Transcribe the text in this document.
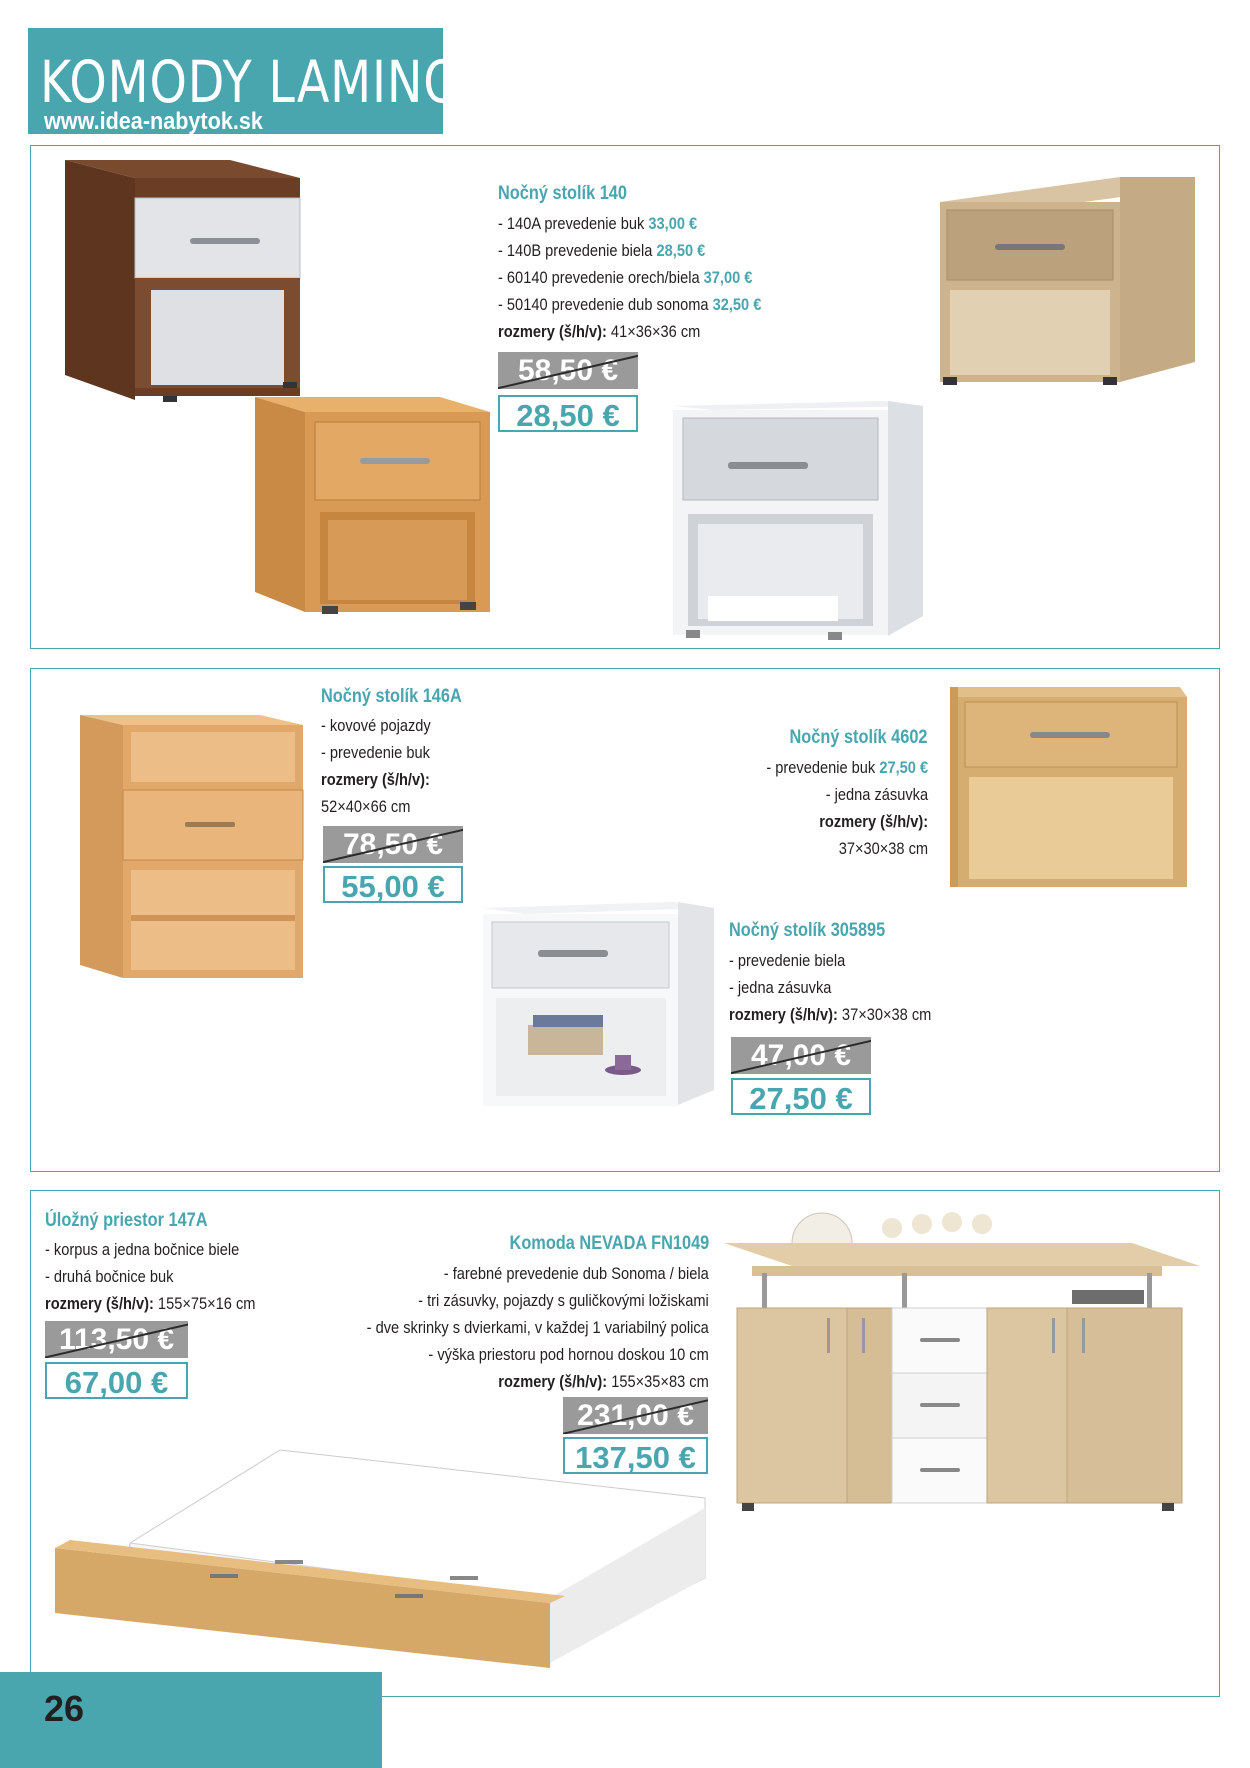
KOMODY LAMINO
www.idea-nabytok.sk
Nočný stolík 140
- 140A prevedenie buk 33,00 €
- 140B prevedenie biela 28,50 €
- 60140 prevedenie orech/biela 37,00 €
- 50140 prevedenie dub sonoma 32,50 €
rozmery (š/h/v): 41×36×36 cm
58,50 €
28,50 €
Nočný stolík 146A
- kovové pojazdy
- prevedenie buk
rozmery (š/h/v):
52×40×66 cm
78,50 €
55,00 €
Nočný stolík 4602
- prevedenie buk 27,50 €
- jedna zásuvka
rozmery (š/h/v):
37×30×38 cm
Nočný stolík 305895
- prevedenie biela
- jedna zásuvka
rozmery (š/h/v): 37×30×38 cm
47,00 €
27,50 €
Úložný priestor 147A
- korpus a jedna bočnice biele
- druhá bočnice buk
rozmery (š/h/v): 155×75×16 cm
113,50 €
67,00 €
Komoda NEVADA FN1049
- farebné prevedenie dub Sonoma / biela
- tri zásuvky, pojazdy s guličkovými ložiskami
- dve skrinky s dvierkami, v každej 1 variabilný polica
- výška priestoru pod hornou doskou 10 cm
rozmery (š/h/v): 155×35×83 cm
231,00 €
137,50 €
26
